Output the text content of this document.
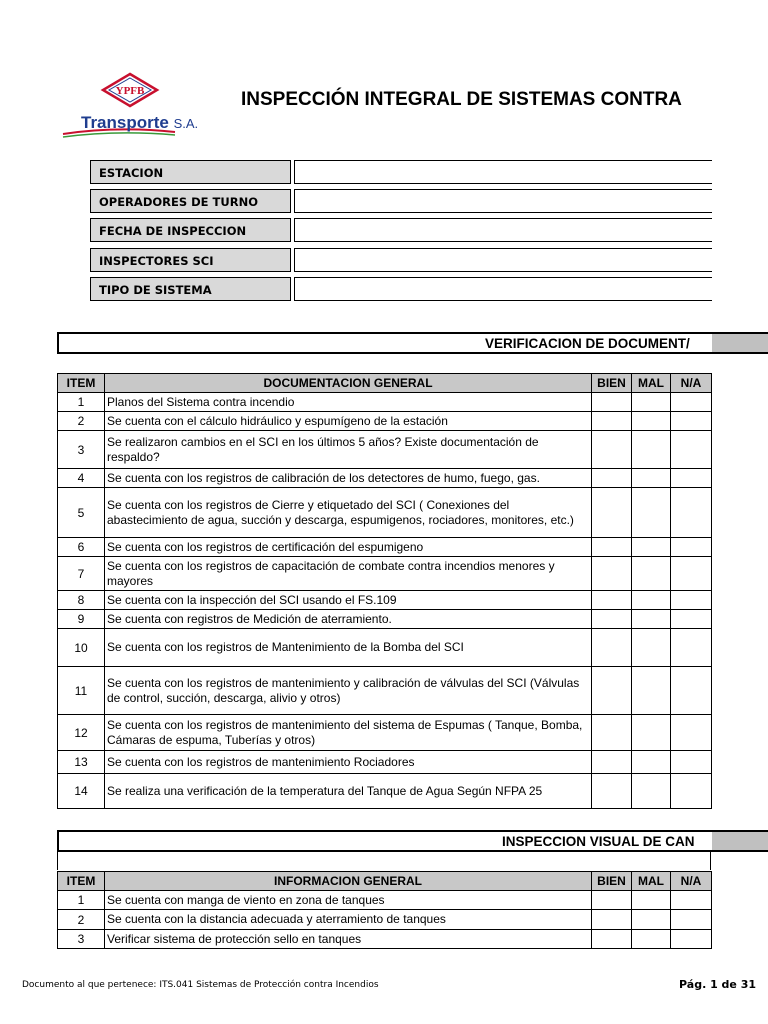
YPFB
Transporte S.A.
INSPECCIÓN INTEGRAL DE SISTEMAS CONTRA
ESTACION
OPERADORES DE TURNO
FECHA DE INSPECCION
INSPECTORES SCI
TIPO DE SISTEMA
VERIFICACION DE DOCUMENT/
ITEM	DOCUMENTACION GENERAL	BIEN	MAL	N/A
1	Planos del Sistema contra incendio			
2	Se cuenta con el cálculo hidráulico y espumígeno de la estación			
3	Se realizaron cambios en el SCI en los últimos 5 años? Existe documentación de respaldo?			
4	Se cuenta con los registros de calibración de los detectores de humo, fuego, gas.			
5	Se cuenta con los registros de Cierre y etiquetado del SCI ( Conexiones del abastecimiento de agua, succión y descarga, espumigenos, rociadores, monitores, etc.)			
6	Se cuenta con los registros de certificación del espumigeno			
7	Se cuenta con los registros de capacitación de combate contra incendios menores y mayores			
8	Se cuenta con la inspección del SCI usando el FS.109			
9	Se cuenta con registros de Medición de aterramiento.			
10	Se cuenta con los registros de Mantenimiento de la Bomba del SCI			
11	Se cuenta con los registros de mantenimiento y calibración de válvulas del SCI (Válvulas de control, succión, descarga, alivio y otros)			
12	Se cuenta con los registros de mantenimiento del sistema de Espumas ( Tanque, Bomba, Cámaras de espuma, Tuberías y otros)			
13	Se cuenta con los registros de mantenimiento Rociadores			
14	Se realiza una verificación de la temperatura del Tanque de Agua Según NFPA 25			
INSPECCION VISUAL DE CAN
ITEM	INFORMACION GENERAL	BIEN	MAL	N/A
1	Se cuenta con manga de viento en zona de tanques			
2	Se cuenta con la distancia adecuada y aterramiento de tanques			
3	Verificar sistema de protección sello en tanques			
Documento al que pertenece: ITS.041 Sistemas de Protección contra Incendios	Pág. 1 de 31
